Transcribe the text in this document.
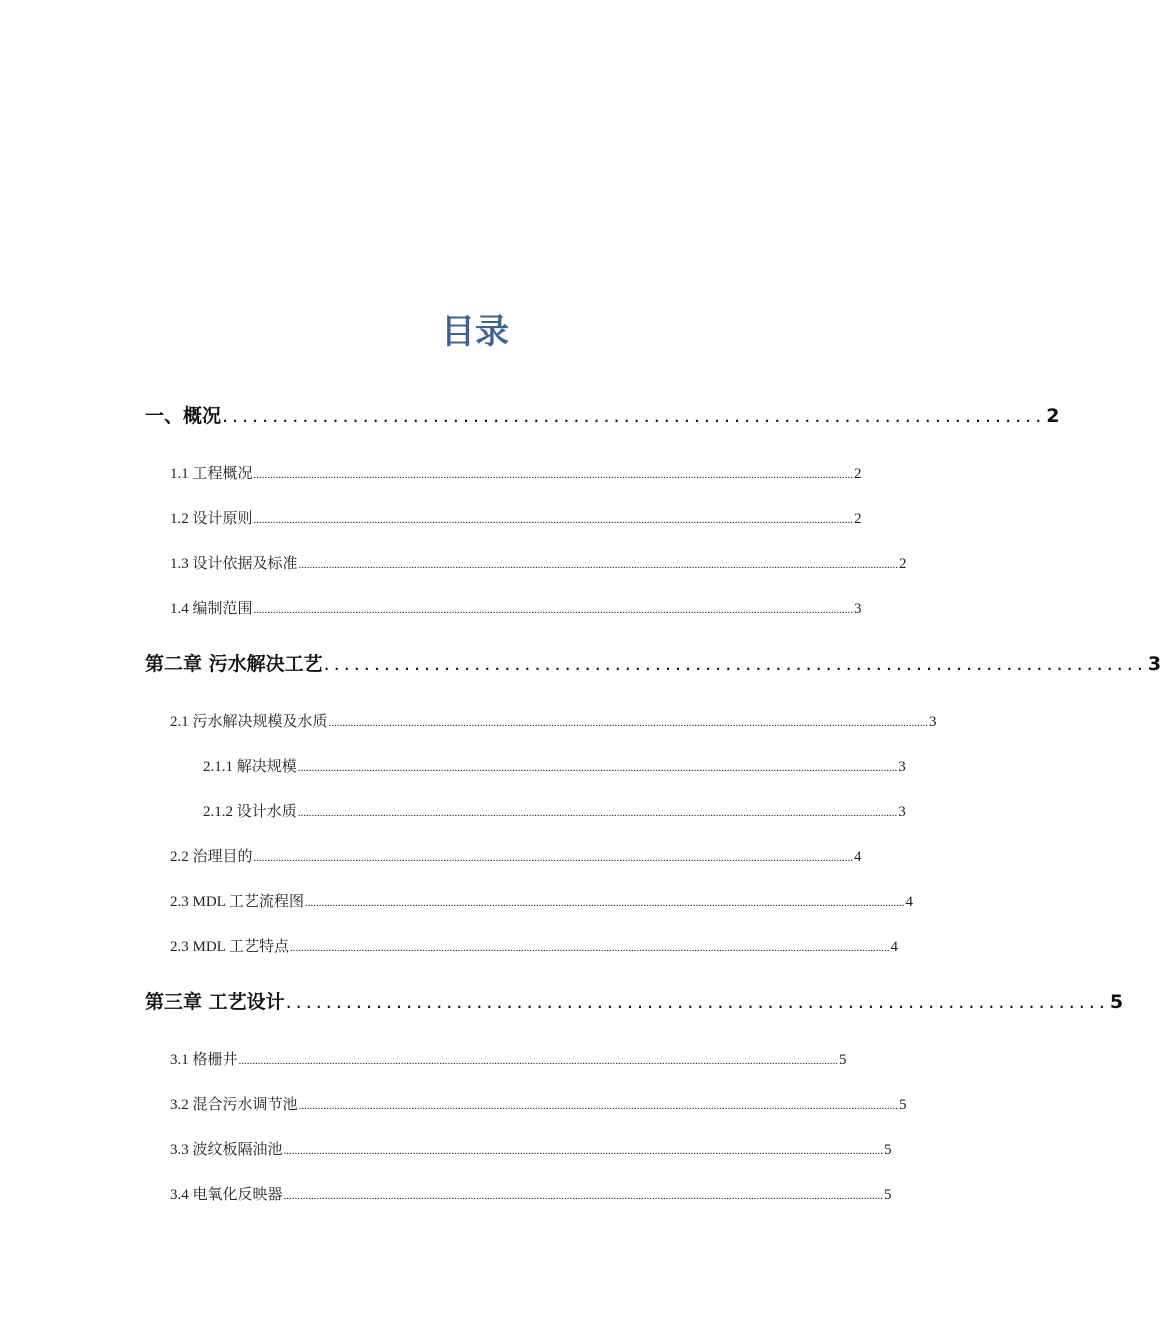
目录
一、概况 .................................................................................. 2
1.1 工程概况 .......................................................................................................................................................................................................................... 2
1.2 设计原则 .......................................................................................................................................................................................................................... 2
1.3 设计依据及标准 .......................................................................................................................................................................................................................... 2
1.4 编制范围 .......................................................................................................................................................................................................................... 3
第二章 污水解决工艺 .................................................................................. 3
2.1 污水解决规模及水质 .......................................................................................................................................................................................................................... 3
2.1.1 解决规模 .......................................................................................................................................................................................................................... 3
2.1.2 设计水质 .......................................................................................................................................................................................................................... 3
2.2 治理目的 .......................................................................................................................................................................................................................... 4
2.3 MDL 工艺流程图 .......................................................................................................................................................................................................................... 4
2.3 MDL 工艺特点 .......................................................................................................................................................................................................................... 4
第三章 工艺设计 .................................................................................. 5
3.1 格栅井 .......................................................................................................................................................................................................................... 5
3.2 混合污水调节池 .......................................................................................................................................................................................................................... 5
3.3 波纹板隔油池 .......................................................................................................................................................................................................................... 5
3.4 电氧化反映器 .......................................................................................................................................................................................................................... 5
